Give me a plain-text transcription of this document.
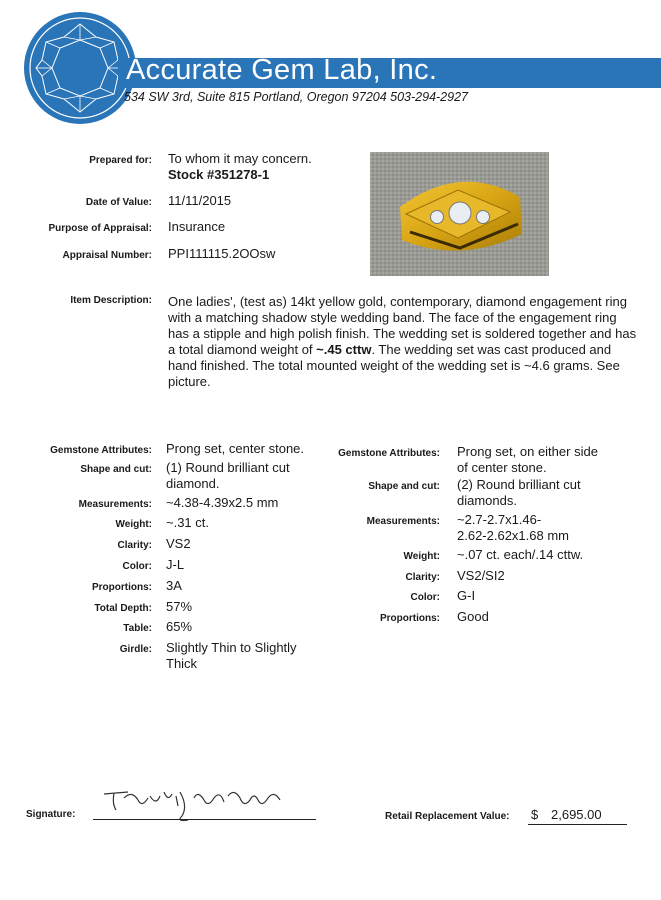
Accurate Gem Lab, Inc.
534 SW 3rd, Suite 815 Portland, Oregon 97204 503-294-2927
Prepared for: To whom it may concern.
Stock #351278-1
Date of Value: 11/11/2015
Purpose of Appraisal: Insurance
Appraisal Number: PPI111115.2OOsw
Item Description: One ladies', (test as) 14kt yellow gold, contemporary, diamond engagement ring with a matching shadow style wedding band. The face of the engagement ring has a stipple and high polish finish. The wedding set is soldered together and has a total diamond weight of ~.45 cttw. The wedding set was cast produced and hand finished. The total mounted weight of the wedding set is ~4.6 grams. See picture.
Gemstone Attributes: Prong set, center stone.
Shape and cut: (1) Round brilliant cut
diamond.
Measurements: ~4.38-4.39x2.5 mm
Weight: ~.31 ct.
Clarity: VS2
Color: J-L
Proportions: 3A
Total Depth: 57%
Table: 65%
Girdle: Slightly Thin to Slightly
Thick
Gemstone Attributes: Prong set, on either side
of center stone.
Shape and cut: (2) Round brilliant cut
diamonds.
Measurements: ~2.7-2.7x1.46-
2.62-2.62x1.68 mm
Weight: ~.07 ct. each/.14 cttw.
Clarity: VS2/SI2
Color: G-I
Proportions: Good
Signature:	Retail Replacement Value: $ 2,695.00
